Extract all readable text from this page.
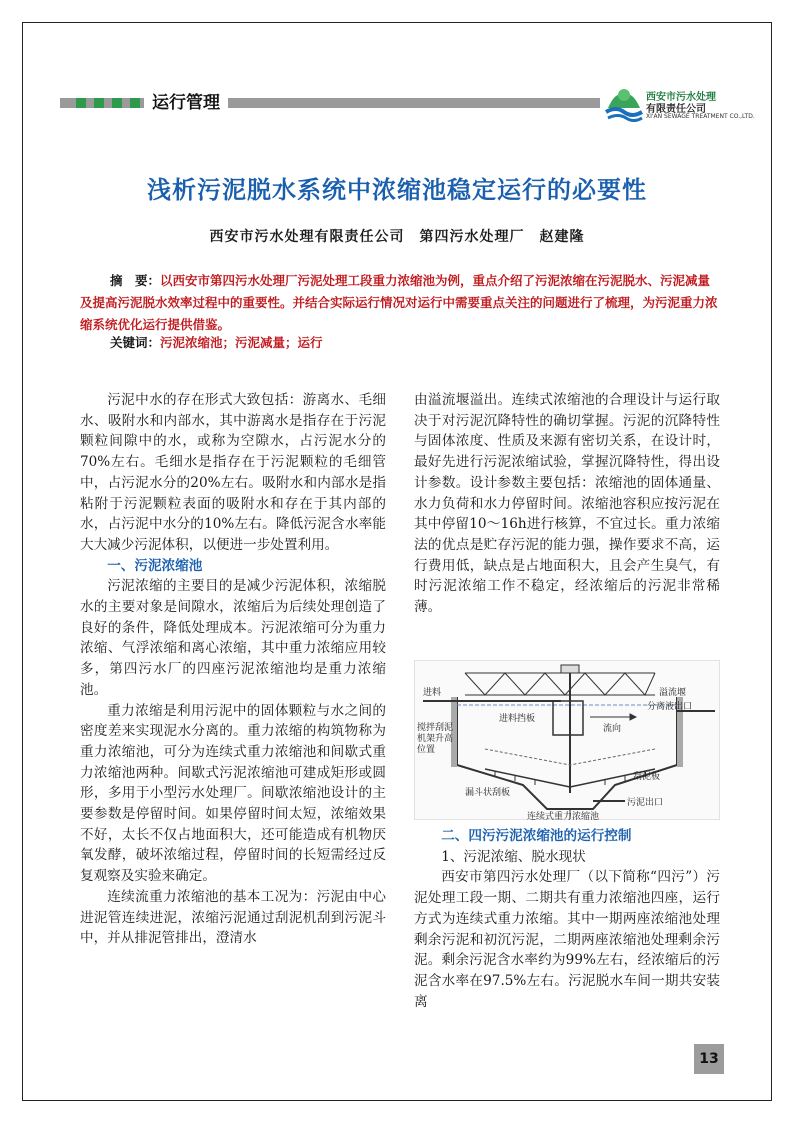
运行管理	西安市污水处理
有限责任公司
XI'AN SEWAGE TREATMENT CO.,LTD.
浅析污泥脱水系统中浓缩池稳定运行的必要性
西安市污水处理有限责任公司　第四污水处理厂　赵建隆
摘　要：以西安市第四污水处理厂污泥处理工段重力浓缩池为例，重点介绍了污泥浓缩在污泥脱水、污泥减量及提高污泥脱水效率过程中的重要性。并结合实际运行情况对运行中需要重点关注的问题进行了梳理，为污泥重力浓缩系统优化运行提供借鉴。
关键词：污泥浓缩池；污泥减量；运行

污泥中水的存在形式大致包括：游离水、毛细水、吸附水和内部水，其中游离水是指存在于污泥颗粒间隙中的水，或称为空隙水，占污泥水分的70%左右。毛细水是指存在于污泥颗粒的毛细管中，占污泥水分的20%左右。吸附水和内部水是指粘附于污泥颗粒表面的吸附水和存在于其内部的水，占污泥中水分的10%左右。降低污泥含水率能大大减少污泥体积，以便进一步处置利用。

一、污泥浓缩池

污泥浓缩的主要目的是减少污泥体积，浓缩脱水的主要对象是间隙水，浓缩后为后续处理创造了良好的条件，降低处理成本。污泥浓缩可分为重力浓缩、气浮浓缩和离心浓缩，其中重力浓缩应用较多，第四污水厂的四座污泥浓缩池均是重力浓缩池。

重力浓缩是利用污泥中的固体颗粒与水之间的密度差来实现泥水分离的。重力浓缩的构筑物称为重力浓缩池，可分为连续式重力浓缩池和间歇式重力浓缩池两种。间歇式污泥浓缩池可建成矩形或圆形，多用于小型污水处理厂。间歇浓缩池设计的主要参数是停留时间。如果停留时间太短，浓缩效果不好，太长不仅占地面积大，还可能造成有机物厌氧发酵，破坏浓缩过程，停留时间的长短需经过反复观察及实验来确定。

连续流重力浓缩池的基本工况为：污泥由中心进泥管连续进泥，浓缩污泥通过刮泥机刮到污泥斗中，并从排泥管排出，澄清水

由溢流堰溢出。连续式浓缩池的合理设计与运行取决于对污泥沉降特性的确切掌握。污泥的沉降特性与固体浓度、性质及来源有密切关系，在设计时，最好先进行污泥浓缩试验，掌握沉降特性，得出设计参数。设计参数主要包括：浓缩池的固体通量、水力负荷和水力停留时间。浓缩池容积应按污泥在其中停留10～16h进行核算，不宜过长。重力浓缩法的优点是贮存污泥的能力强，操作要求不高，运行费用低，缺点是占地面积大，且会产生臭气，有时污泥浓缩工作不稳定，经浓缩后的污泥非常稀薄。

进料	溢流堰
进料挡板
分离液出口
流向
搅拌刮泥机架升高位置
刮泥板
漏斗状刮板
污泥出口
连续式重力浓缩池
二、四污污泥浓缩池的运行控制
1、污泥浓缩、脱水现状

西安市第四污水处理厂（以下简称“四污”）污泥处理工段一期、二期共有重力浓缩池四座，运行方式为连续式重力浓缩。其中一期两座浓缩池处理剩余污泥和初沉污泥，二期两座浓缩池处理剩余污泥。剩余污泥含水率约为99%左右，经浓缩后的污泥含水率在97.5%左右。污泥脱水车间一期共安装离

13
